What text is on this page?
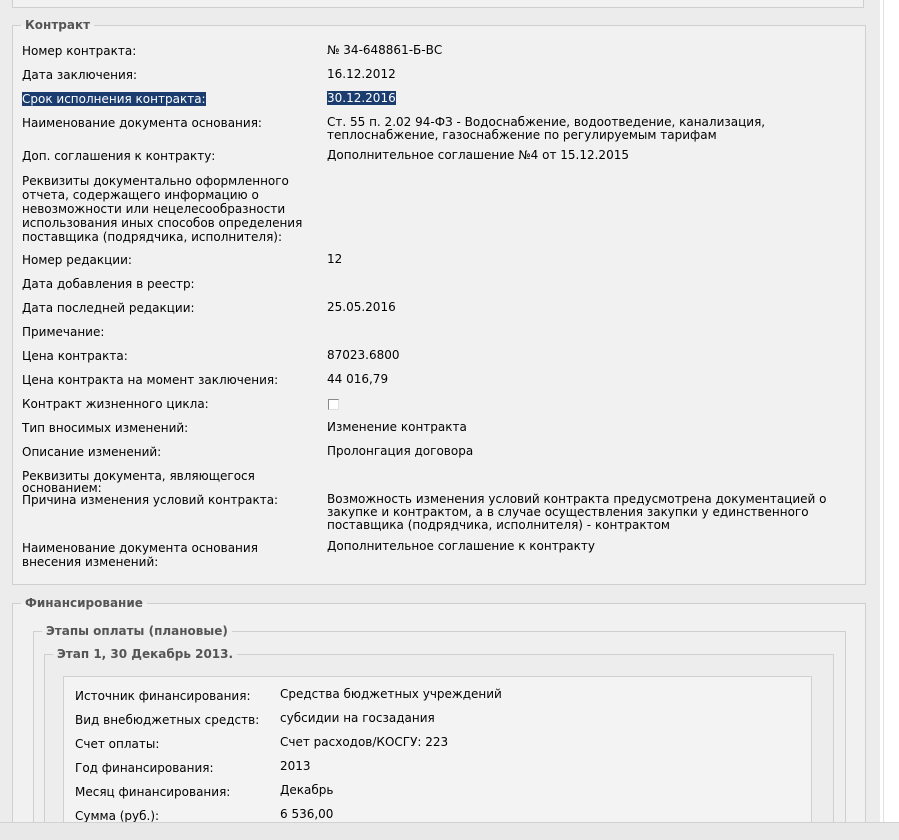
Контракт
Номер контракта:	№ 34-648861-Б-ВС
Дата заключения:	16.12.2012
Срок исполнения контракта:	30.12.2016
Наименование документа основания:	Ст. 55 п. 2.02 94-ФЗ - Водоснабжение, водоотведение, канализация, теплоснабжение, газоснабжение по регулируемым тарифам
Доп. соглашения к контракту:	Дополнительное соглашение №4 от 15.12.2015
Реквизиты документально оформленного отчета, содержащего информацию о невозможности или нецелесообразности использования иных способов определения поставщика (подрядчика, исполнителя):
Номер редакции:	12
Дата добавления в реестр:
Дата последней редакции:	25.05.2016
Примечание:
Цена контракта:	87023.6800
Цена контракта на момент заключения:	44 016,79
Контракт жизненного цикла:
Тип вносимых изменений:	Изменение контракта
Описание изменений:	Пролонгация договора
Реквизиты документа, являющегося основанием:
Причина изменения условий контракта:	Возможность изменения условий контракта предусмотрена документацией о закупке и контрактом, а в случае осуществления закупки у единственного поставщика (подрядчика, исполнителя) - контрактом
Наименование документа основания внесения изменений:
Дополнительное соглашение к контракту
Финансирование
Этапы оплаты (плановые)
Этап 1, 30 Декабрь 2013.
Источник финансирования:	Средства бюджетных учреждений
Вид внебюджетных средств:	субсидии на госзадания
Счет оплаты:	Счет расходов/КОСГУ: 223
Год финансирования:	2013
Месяц финансирования:	Декабрь
Сумма (руб.):	6 536,00
